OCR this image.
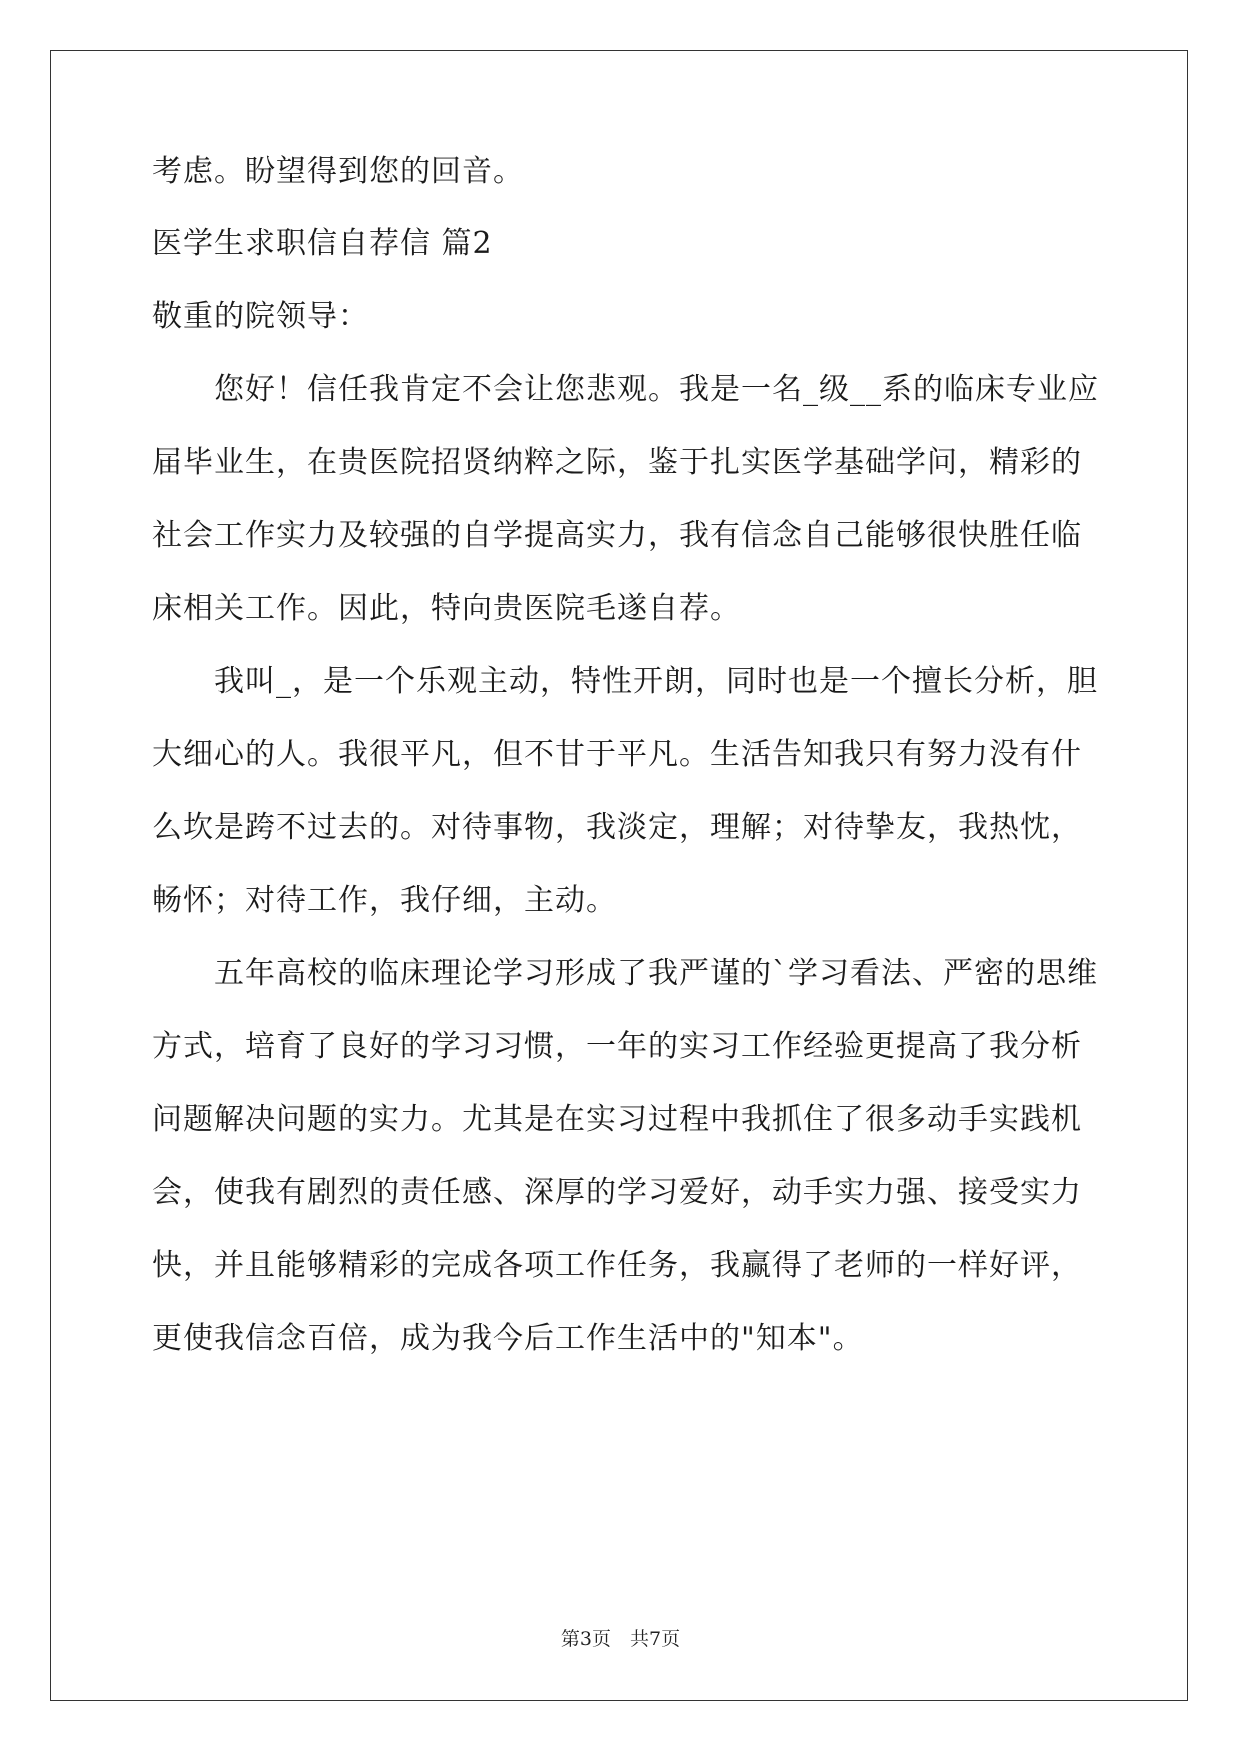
考虑。盼望得到您的回音。
医学生求职信自荐信 篇2
敬重的院领导：
您好！信任我肯定不会让您悲观。我是一名_级__系的临床专业应
届毕业生，在贵医院招贤纳粹之际，鉴于扎实医学基础学问，精彩的
社会工作实力及较强的自学提高实力，我有信念自己能够很快胜任临
床相关工作。因此，特向贵医院毛遂自荐。
我叫_，是一个乐观主动，特性开朗，同时也是一个擅长分析，胆
大细心的人。我很平凡，但不甘于平凡。生活告知我只有努力没有什
么坎是跨不过去的。对待事物，我淡定，理解；对待挚友，我热忱，
畅怀；对待工作，我仔细，主动。
五年高校的临床理论学习形成了我严谨的`学习看法、严密的思维
方式，培育了良好的学习习惯，一年的实习工作经验更提高了我分析
问题解决问题的实力。尤其是在实习过程中我抓住了很多动手实践机
会，使我有剧烈的责任感、深厚的学习爱好，动手实力强、接受实力
快，并且能够精彩的完成各项工作任务，我赢得了老师的一样好评，
更使我信念百倍，成为我今后工作生活中的"知本"。
第3页　共7页
